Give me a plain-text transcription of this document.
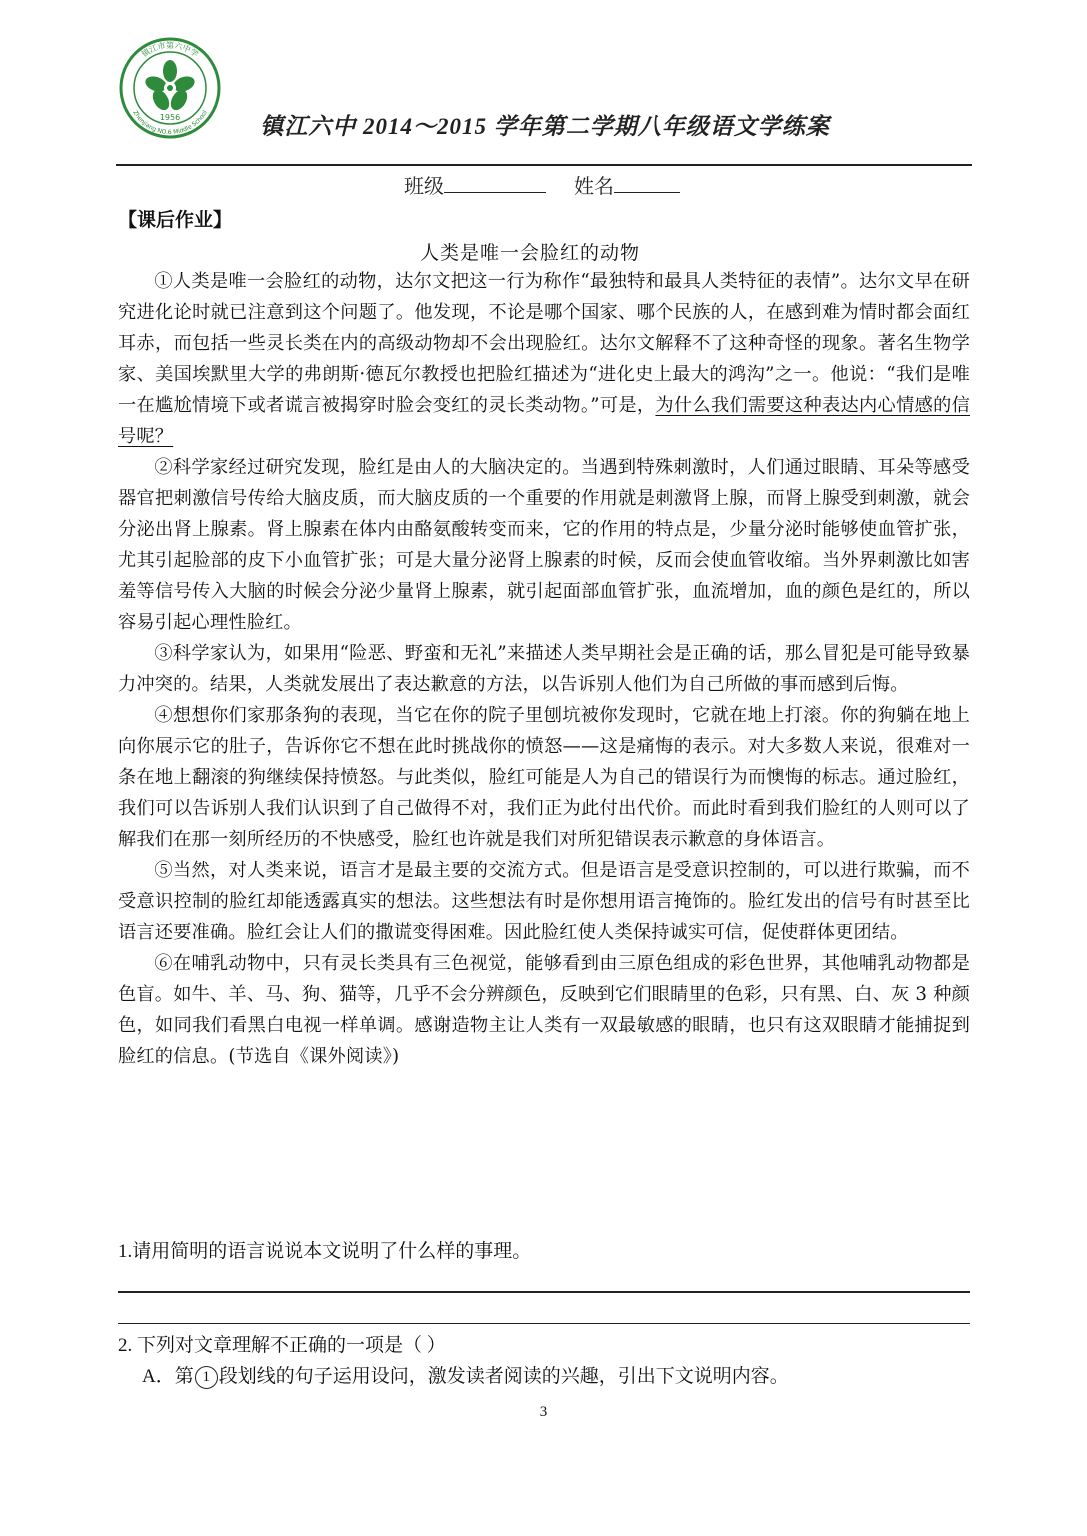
1956
镇江市第六中学
Zhenjiang NO.6 Middle School
镇江六中 2014～2015 学年第二学期八年级语文学练案
班级	姓名
【课后作业】
人类是唯一会脸红的动物

①人类是唯一会脸红的动物，达尔文把这一行为称作“最独特和最具人类特征的表情”。达尔文早在研究进化论时就已注意到这个问题了。他发现，不论是哪个国家、哪个民族的人，在感到难为情时都会面红耳赤，而包括一些灵长类在内的高级动物却不会出现脸红。达尔文解释不了这种奇怪的现象。著名生物学家、美国埃默里大学的弗朗斯·德瓦尔教授也把脸红描述为“进化史上最大的鸿沟”之一。他说：“我们是唯一在尴尬情境下或者谎言被揭穿时脸会变红的灵长类动物。”可是，为什么我们需要这种表达内心情感的信号呢？

②科学家经过研究发现，脸红是由人的大脑决定的。当遇到特殊刺激时，人们通过眼睛、耳朵等感受器官把刺激信号传给大脑皮质，而大脑皮质的一个重要的作用就是刺激肾上腺，而肾上腺受到刺激，就会分泌出肾上腺素。肾上腺素在体内由酪氨酸转变而来，它的作用的特点是，少量分泌时能够使血管扩张，尤其引起脸部的皮下小血管扩张；可是大量分泌肾上腺素的时候，反而会使血管收缩。当外界刺激比如害羞等信号传入大脑的时候会分泌少量肾上腺素，就引起面部血管扩张，血流增加，血的颜色是红的，所以容易引起心理性脸红。

③科学家认为，如果用“险恶、野蛮和无礼”来描述人类早期社会是正确的话，那么冒犯是可能导致暴力冲突的。结果，人类就发展出了表达歉意的方法，以告诉别人他们为自己所做的事而感到后悔。

④想想你们家那条狗的表现，当它在你的院子里刨坑被你发现时，它就在地上打滚。你的狗躺在地上向你展示它的肚子，告诉你它不想在此时挑战你的愤怒——这是痛悔的表示。对大多数人来说，很难对一条在地上翻滚的狗继续保持愤怒。与此类似，脸红可能是人为自己的错误行为而懊悔的标志。通过脸红，我们可以告诉别人我们认识到了自己做得不对，我们正为此付出代价。而此时看到我们脸红的人则可以了解我们在那一刻所经历的不快感受，脸红也许就是我们对所犯错误表示歉意的身体语言。

⑤当然，对人类来说，语言才是最主要的交流方式。但是语言是受意识控制的，可以进行欺骗，而不受意识控制的脸红却能透露真实的想法。这些想法有时是你想用语言掩饰的。脸红发出的信号有时甚至比语言还要准确。脸红会让人们的撒谎变得困难。因此脸红使人类保持诚实可信，促使群体更团结。

⑥在哺乳动物中，只有灵长类具有三色视觉，能够看到由三原色组成的彩色世界，其他哺乳动物都是色盲。如牛、羊、马、狗、猫等，几乎不会分辨颜色，反映到它们眼睛里的色彩，只有黑、白、灰 3 种颜色，如同我们看黑白电视一样单调。感谢造物主让人类有一双最敏感的眼睛，也只有这双眼睛才能捕捉到脸红的信息。(节选自《课外阅读》)

1.请用简明的语言说说本文说明了什么样的事理。
2. 下列对文章理解不正确的一项是（ ）
A．第 1 段划线的句子运用设问，激发读者阅读的兴趣，引出下文说明内容。
3
